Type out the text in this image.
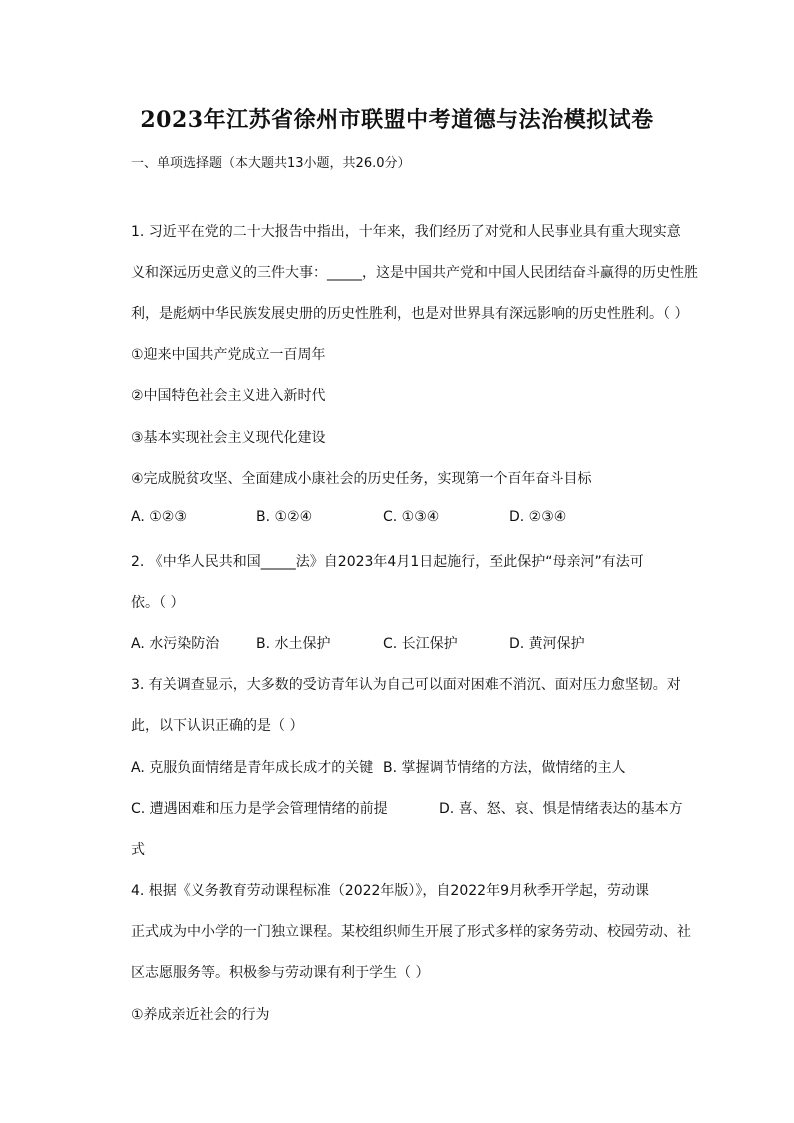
2023年江苏省徐州市联盟中考道德与法治模拟试卷
一、单项选择题（本大题共13小题，共26.0分）
1. 习近平在党的二十大报告中指出，十年来，我们经历了对党和人民事业具有重大现实意
义和深远历史意义的三件大事：_____，这是中国共产党和中国人民团结奋斗赢得的历史性胜
利，是彪炳中华民族发展史册的历史性胜利，也是对世界具有深远影响的历史性胜利。（ ）
①迎来中国共产党成立一百周年
②中国特色社会主义进入新时代
③基本实现社会主义现代化建设
④完成脱贫攻坚、全面建成小康社会的历史任务，实现第一个百年奋斗目标
A. ①②③	B. ①②④	C. ①③④	D. ②③④
2. 《中华人民共和国_____法》自2023年4月1日起施行，至此保护“母亲河”有法可
依。（ ）
A. 水污染防治	B. 水土保护	C. 长江保护	D. 黄河保护
3. 有关调查显示，大多数的受访青年认为自己可以面对困难不消沉、面对压力愈坚韧。对
此，以下认识正确的是（ ）
A. 克服负面情绪是青年成长成才的关键 B. 掌握调节情绪的方法，做情绪的主人
C. 遭遇困难和压力是学会管理情绪的前提	D. 喜、怒、哀、惧是情绪表达的基本方
式
4. 根据《义务教育劳动课程标准（2022年版）》，自2022年9月秋季开学起，劳动课
正式成为中小学的一门独立课程。某校组织师生开展了形式多样的家务劳动、校园劳动、社
区志愿服务等。积极参与劳动课有利于学生（ ）
①养成亲近社会的行为
